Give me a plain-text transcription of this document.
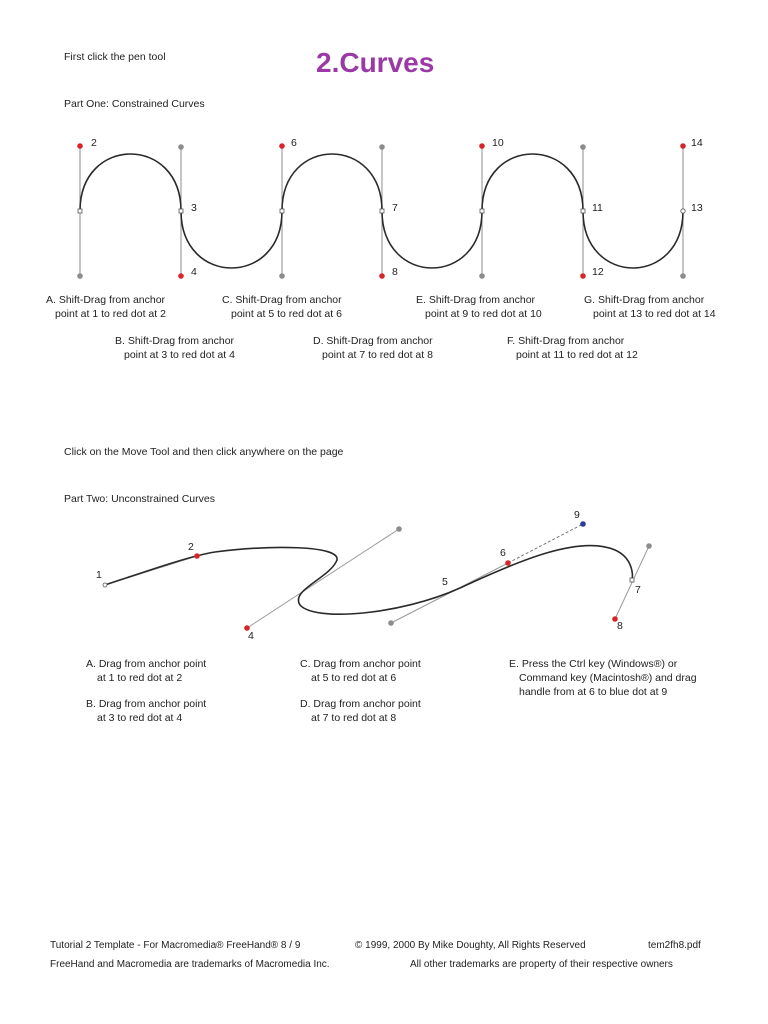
First click the pen tool	2.Curves
Part One: Constrained Curves
2
3
4
6
7
8
10
11
12
14
13
1
2
4
5
6
9
7
8
A. Shift-Drag from anchor
point at 1 to red dot at 2
B. Shift-Drag from anchor
point at 3 to red dot at 4
C. Shift-Drag from anchor
point at 5 to red dot at 6
D. Shift-Drag from anchor
point at 7 to red dot at 8
E. Shift-Drag from anchor
point at 9 to red dot at 10
F. Shift-Drag from anchor
point at 11 to red dot at 12
G. Shift-Drag from anchor
point at 13 to red dot at 14
Click on the Move Tool and then click anywhere on the page
Part Two: Unconstrained Curves
A. Drag from anchor point
at 1 to red dot at 2
B. Drag from anchor point
at 3 to red dot at 4
C. Drag from anchor point
at 5 to red dot at 6
D. Drag from anchor point
at 7 to red dot at 8
E. Press the Ctrl key (Windows®) or
Command key (Macintosh®) and drag
handle from at 6 to blue dot at 9
Tutorial 2 Template - For Macromedia® FreeHand® 8 / 9	© 1999, 2000 By Mike Doughty, All Rights Reserved	tem2fh8.pdf
FreeHand and Macromedia are trademarks of Macromedia Inc.	All other trademarks are property of their respective owners
